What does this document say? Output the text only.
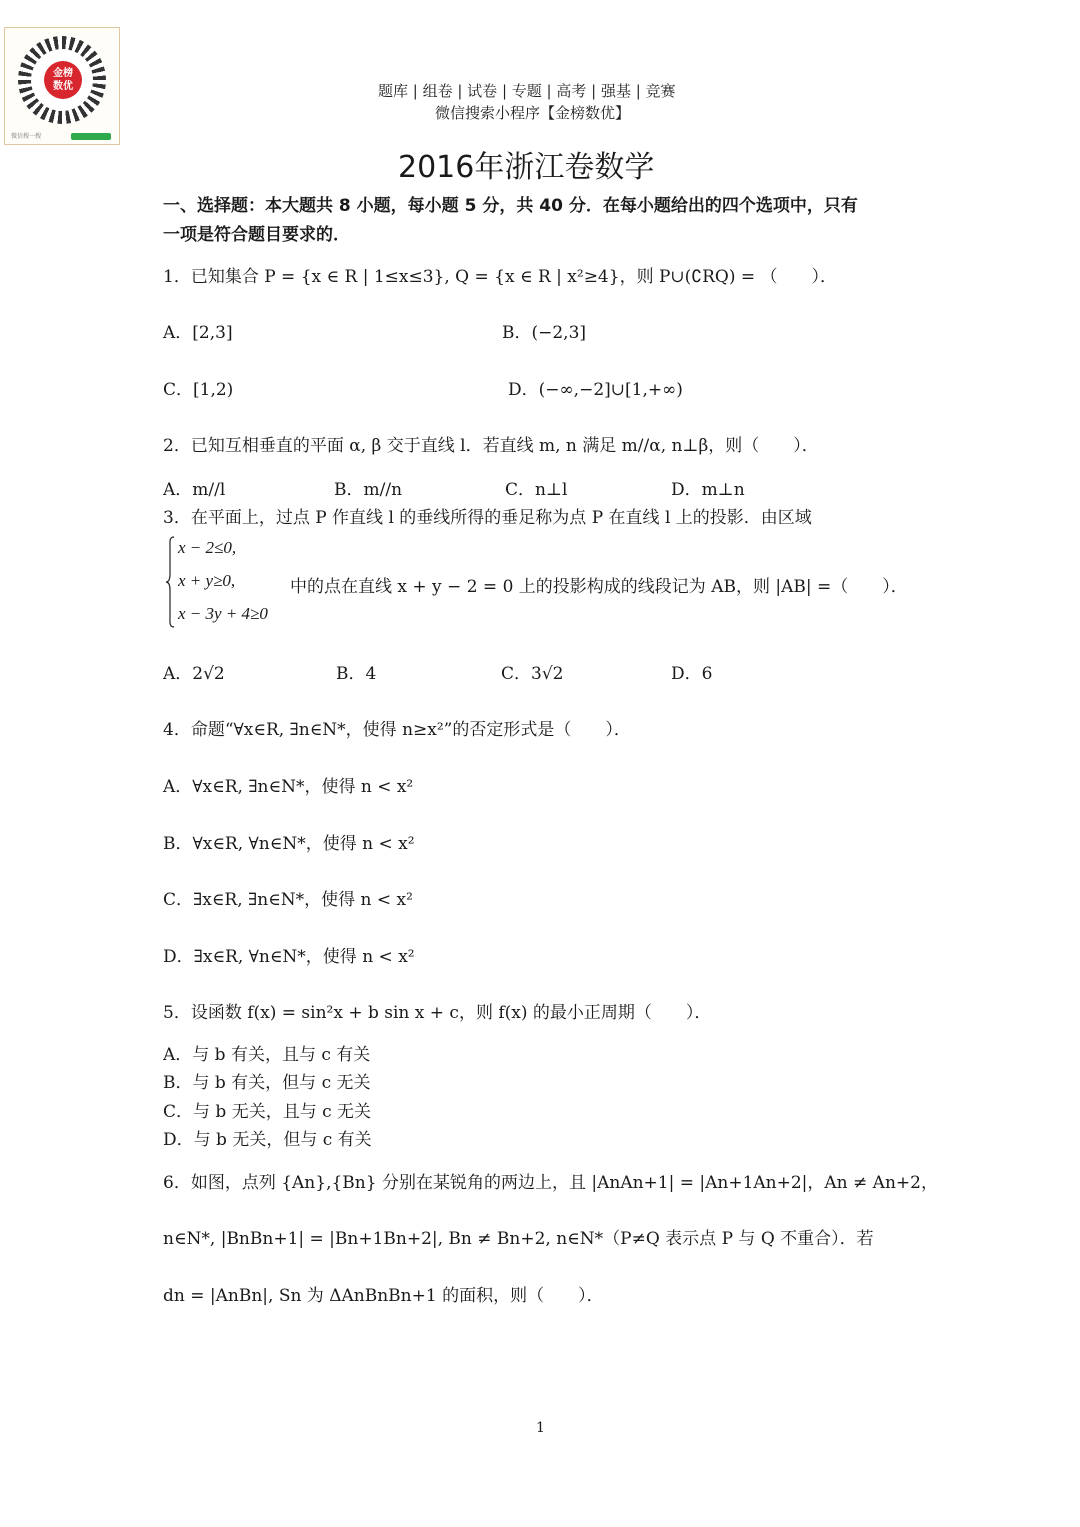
金榜
数优
微信搜一搜
题库 | 组卷 | 试卷 | 专题 | 高考 | 强基 | 竞赛
微信搜索小程序【金榜数优】
2016年浙江卷数学
一、选择题：本大题共 8 小题，每小题 5 分，共 40 分．在每小题给出的四个选项中，只有
一项是符合题目要求的．
1．已知集合 P = {x ∈ R | 1≤x≤3}, Q = {x ∈ R | x²≥4}，则 P∪(∁RQ) = （　　）．
A．[2,3]	B．(−2,3]
C．[1,2)	D．(−∞,−2]∪[1,+∞)
2．已知互相垂直的平面 α, β 交于直线 l．若直线 m, n 满足 m//α, n⊥β，则（　　）．
A．m//l	B．m//n	C．n⊥l	D．m⊥n
3．在平面上，过点 P 作直线 l 的垂线所得的垂足称为点 P 在直线 l 上的投影．由区域
x − 2≤0,
x + y≥0,
x − 3y + 4≥0
中的点在直线 x + y − 2 = 0 上的投影构成的线段记为 AB，则 |AB| =（　　）．
A．2√2	B．4	C．3√2	D．6
4．命题“∀x∈R, ∃n∈N*，使得 n≥x²”的否定形式是（　　）．
A．∀x∈R, ∃n∈N*，使得 n < x²
B．∀x∈R, ∀n∈N*，使得 n < x²
C．∃x∈R, ∃n∈N*，使得 n < x²
D．∃x∈R, ∀n∈N*，使得 n < x²
5．设函数 f(x) = sin²x + b sin x + c，则 f(x) 的最小正周期（　　）．
A．与 b 有关，且与 c 有关
B．与 b 有关，但与 c 无关
C．与 b 无关，且与 c 无关
D．与 b 无关，但与 c 有关
6．如图，点列 {An},{Bn} 分别在某锐角的两边上，且 |AnAn+1| = |An+1An+2|，An ≠ An+2，
n∈N*, |BnBn+1| = |Bn+1Bn+2|, Bn ≠ Bn+2, n∈N*（P≠Q 表示点 P 与 Q 不重合）．若
dn = |AnBn|, Sn 为 ΔAnBnBn+1 的面积，则（　　）．
1
